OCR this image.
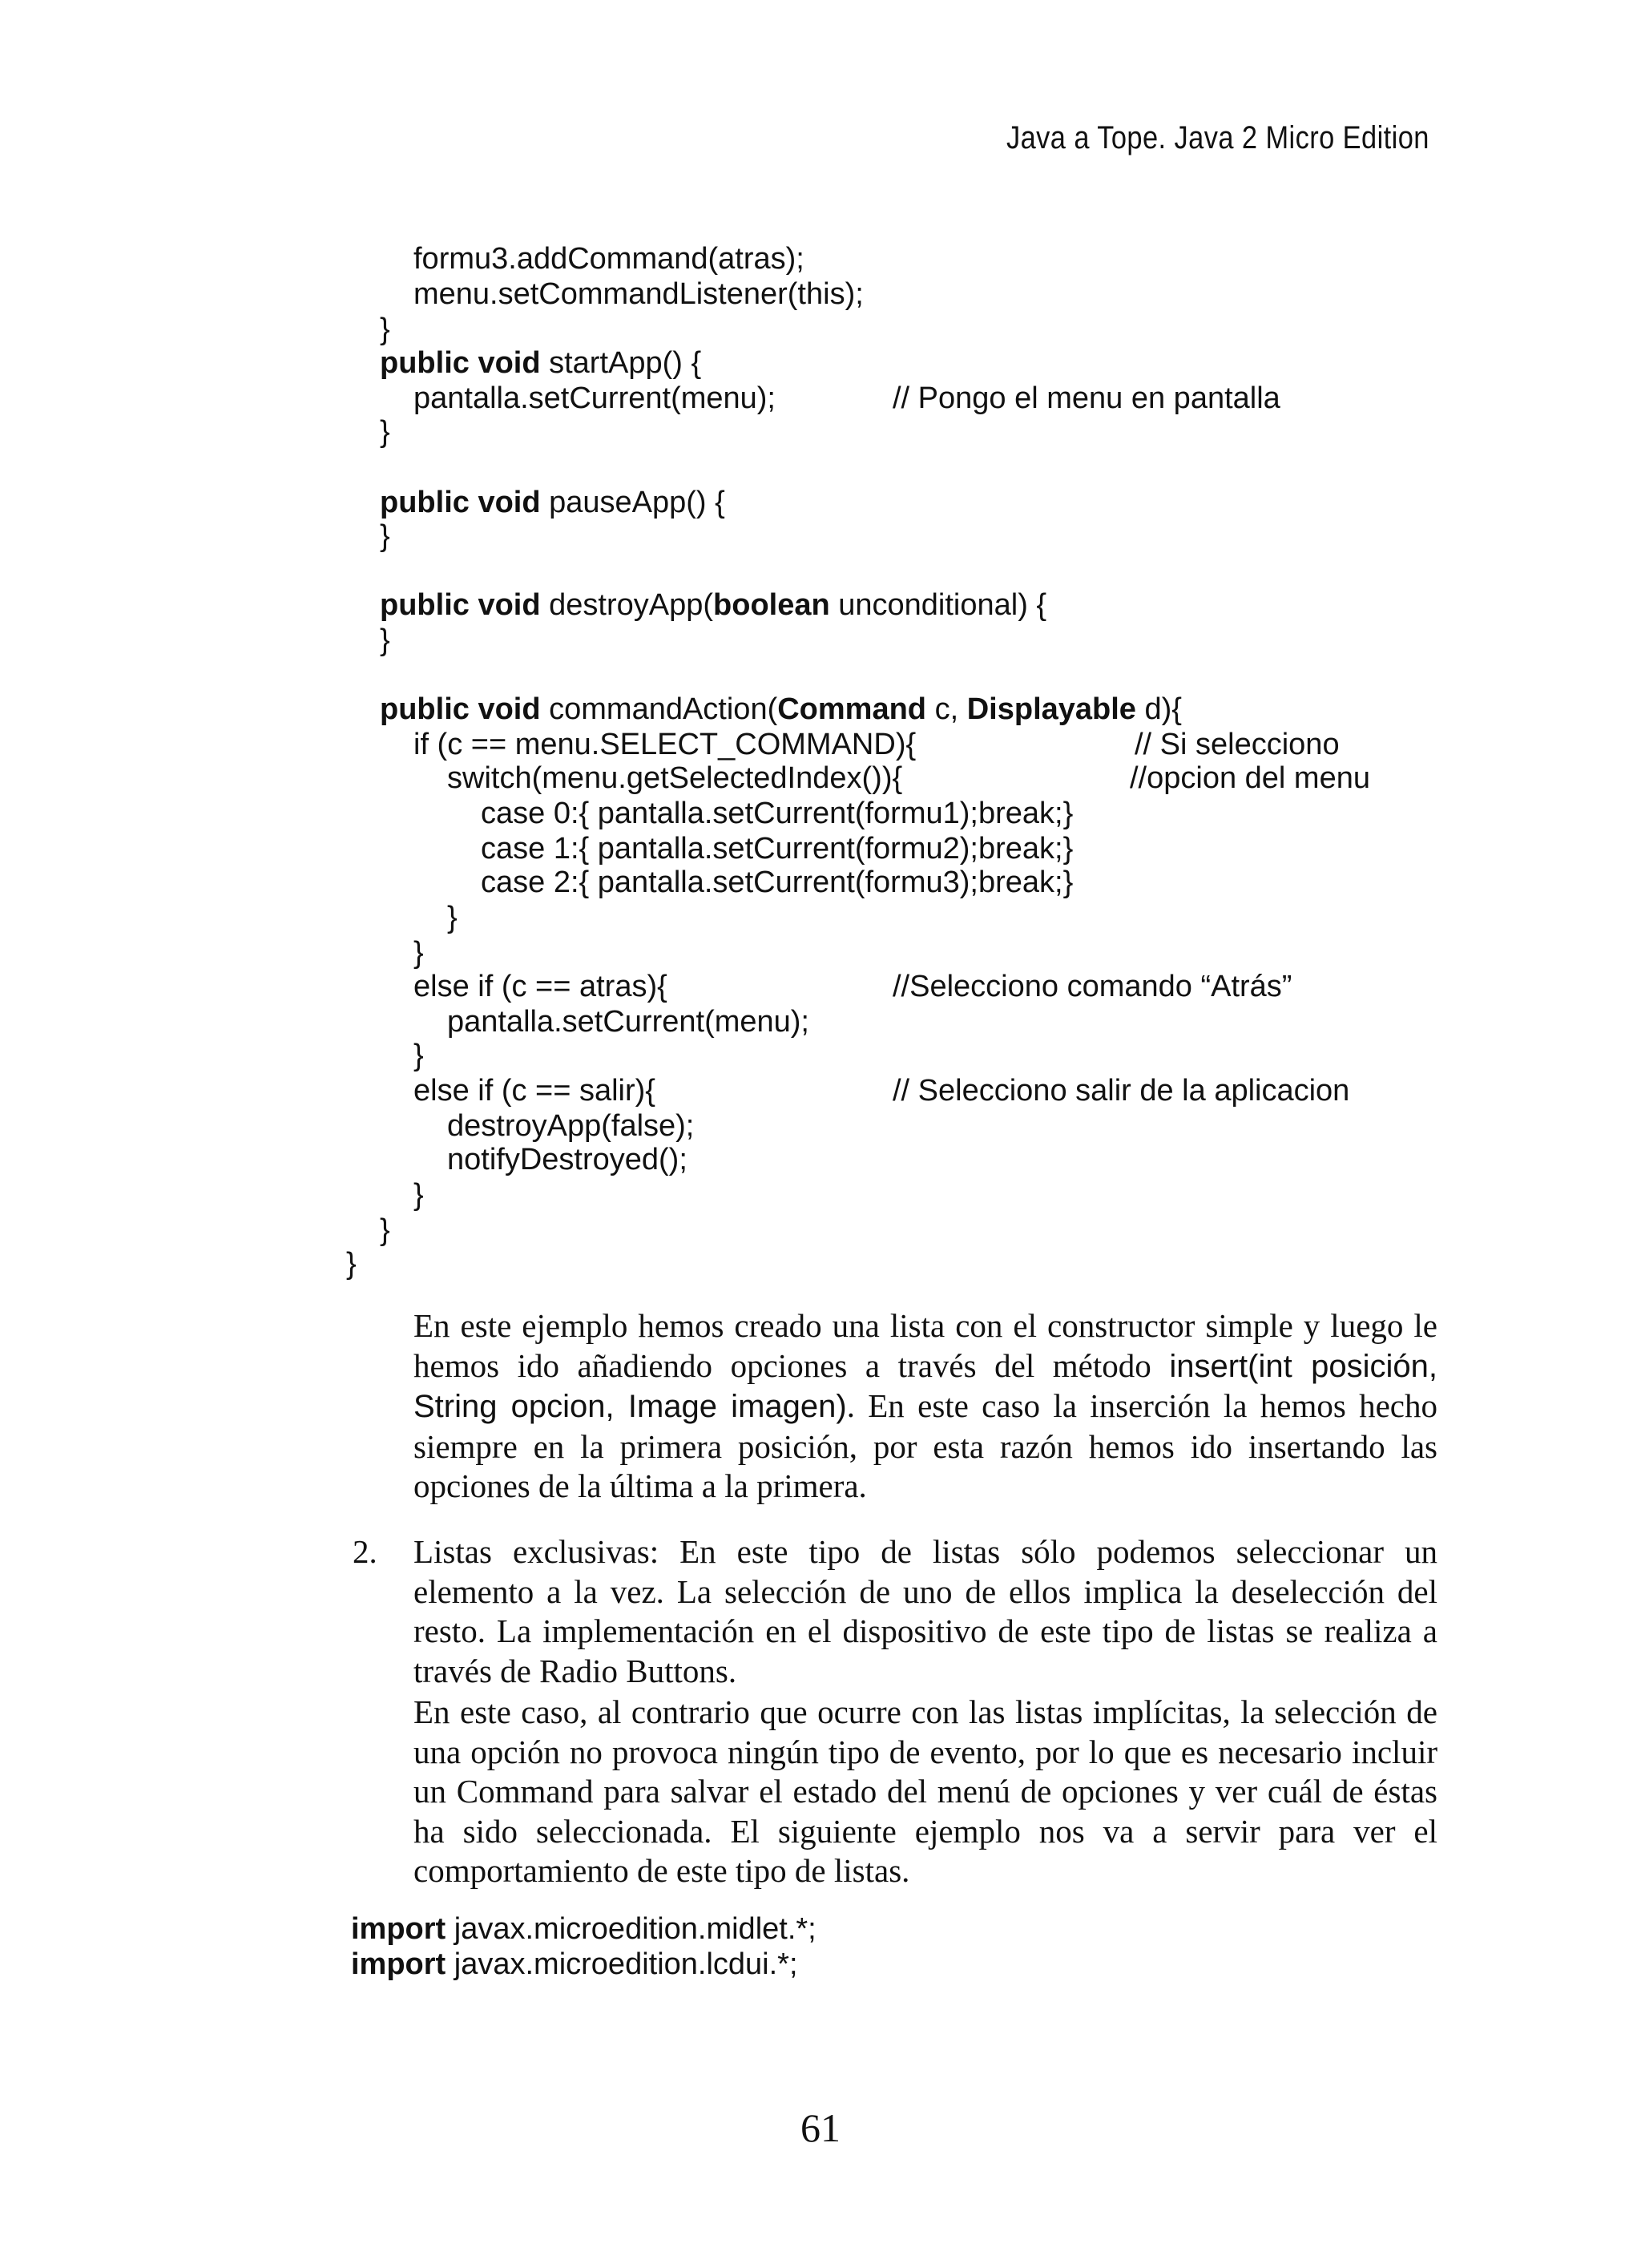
Java a Tope. Java 2 Micro Edition
formu3.addCommand(atras);
menu.setCommandListener(this);
}
public void startApp() {
pantalla.setCurrent(menu);	// Pongo el menu en pantalla
}
public void pauseApp() {
}
public void destroyApp(boolean unconditional) {
}
public void commandAction(Command c, Displayable d){
if (c == menu.SELECT_COMMAND){	// Si selecciono
switch(menu.getSelectedIndex()){	//opcion del menu
case 0:{ pantalla.setCurrent(formu1);break;}
case 1:{ pantalla.setCurrent(formu2);break;}
case 2:{ pantalla.setCurrent(formu3);break;}
}
}
else if (c == atras){	//Selecciono comando “Atrás”
pantalla.setCurrent(menu);
}
else if (c == salir){	// Selecciono salir de la aplicacion
destroyApp(false);
notifyDestroyed();
}
}
}

En este ejemplo hemos creado una lista con el constructor simple y luego le hemos ido añadiendo opciones a través del método insert(int posición, String opcion, Image imagen). En este caso la inserción la hemos hecho siempre en la primera posición, por esta razón hemos ido insertando las opciones de la última a la primera.

2. Listas exclusivas: En este tipo de listas sólo podemos seleccionar un elemento a la vez. La selección de uno de ellos implica la deselección del resto. La implementación en el dispositivo de este tipo de listas se realiza a través de Radio Buttons.

En este caso, al contrario que ocurre con las listas implícitas, la selección de una opción no provoca ningún tipo de evento, por lo que es necesario incluir un Command para salvar el estado del menú de opciones y ver cuál de éstas ha sido seleccionada. El siguiente ejemplo nos va a servir para ver el comportamiento de este tipo de listas.

import javax.microedition.midlet.*;
import javax.microedition.lcdui.*;
61
